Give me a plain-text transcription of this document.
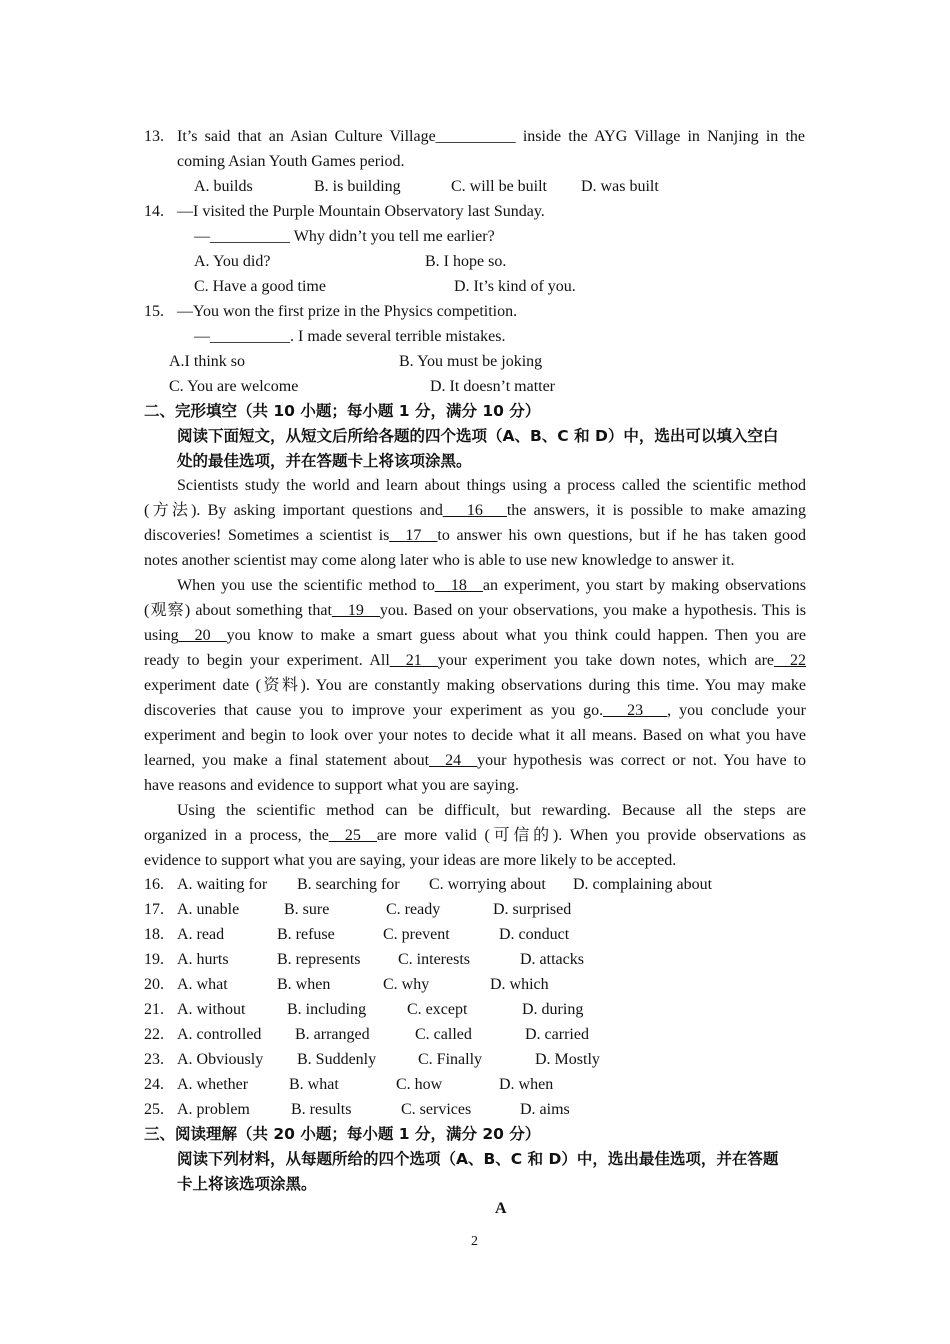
13. It’s said that an Asian Culture Village__________ inside the AYG Village in Nanjing in the
coming Asian Youth Games period.
A. builds	B. is building	C. will be built D. was built
14. —I visited the Purple Mountain Observatory last Sunday.
—__________ Why didn’t you tell me earlier?
A. You did?	B. I hope so.
C. Have a good time	D. It’s kind of you.
15. —You won the first prize in the Physics competition.
—__________. I made several terrible mistakes.
A.I think so	B. You must be joking
C. You are welcome	D. It doesn’t matter
二、完形填空（共 10 小题；每小题 1 分，满分 10 分）
阅读下面短文，从短文后所给各题的四个选项（A、B、C 和 D）中，选出可以填入空白
处的最佳选项，并在答题卡上将该项涂黑。
Scientists study the world and learn about things using a process called the scientific method
(方法). By asking important questions and___16___the answers, it is possible to make amazing
discoveries! Sometimes a scientist is__17__to answer his own questions, but if he has taken good
notes another scientist may come along later who is able to use new knowledge to answer it.
When you use the scientific method to__18__an experiment, you start by making observations
(观察) about something that__19__you. Based on your observations, you make a hypothesis. This is
using__20__you know to make a smart guess about what you think could happen. Then you are
ready to begin your experiment. All__21__your experiment you take down notes, which are__22
experiment date (资料). You are constantly making observations during this time. You may make
discoveries that cause you to improve your experiment as you go.___23___, you conclude your
experiment and begin to look over your notes to decide what it all means. Based on what you have
learned, you make a final statement about__24__your hypothesis was correct or not. You have to
have reasons and evidence to support what you are saying.
Using the scientific method can be difficult, but rewarding. Because all the steps are
organized in a process, the__25__are more valid (可信的). When you provide observations as
evidence to support what you are saying, your ideas are more likely to be accepted.
16. A. waiting for B. searching for C. worrying about D. complaining about
17. A. unable	B. sure	C. ready	D. surprised
18. A. read	B. refuse	C. prevent	D. conduct
19. A. hurts	B. represents C. interests	D. attacks
20. A. what	B. when	C. why	D. which
21. A. without	B. including	C. except	D. during
22. A. controlled B. arranged	C. called	D. carried
23. A. Obviously B. Suddenly	C. Finally	D. Mostly
24. A. whether	B. what	C. how	D. when
25. A. problem	B. results	C. services	D. aims
三、阅读理解（共 20 小题；每小题 1 分，满分 20 分）
阅读下列材料，从每题所给的四个选项（A、B、C 和 D）中，选出最佳选项，并在答题
卡上将该选项涂黑。
A
2
